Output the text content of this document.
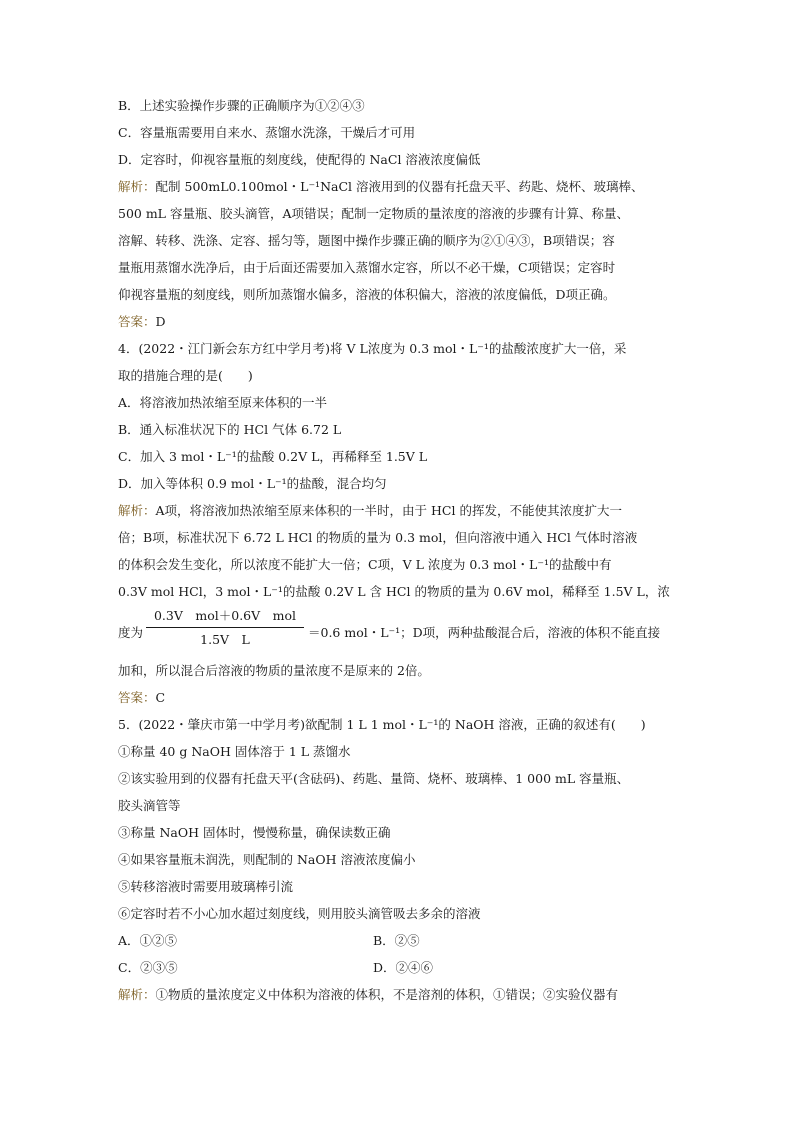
B．上述实验操作步骤的正确顺序为①②④③
C．容量瓶需要用自来水、蒸馏水洗涤，干燥后才可用
D．定容时，仰视容量瓶的刻度线，使配得的 NaCl 溶液浓度偏低
解析：配制 500mL0.100mol・L⁻¹NaCl 溶液用到的仪器有托盘天平、药匙、烧杯、玻璃棒、
500 mL 容量瓶、胶头滴管，A项错误；配制一定物质的量浓度的溶液的步骤有计算、称量、
溶解、转移、洗涤、定容、摇匀等，题图中操作步骤正确的顺序为②①④③，B项错误；容
量瓶用蒸馏水洗净后，由于后面还需要加入蒸馏水定容，所以不必干燥，C项错误；定容时
仰视容量瓶的刻度线，则所加蒸馏水偏多，溶液的体积偏大，溶液的浓度偏低，D项正确。
答案：D
4．(2022・江门新会东方红中学月考)将 V L浓度为 0.3 mol・L⁻¹的盐酸浓度扩大一倍，采
取的措施合理的是(　　)
A．将溶液加热浓缩至原来体积的一半
B．通入标准状况下的 HCl 气体 6.72 L
C．加入 3 mol・L⁻¹的盐酸 0.2V L，再稀释至 1.5V L
D．加入等体积 0.9 mol・L⁻¹的盐酸，混合均匀
解析：A项，将溶液加热浓缩至原来体积的一半时，由于 HCl 的挥发，不能使其浓度扩大一
倍；B项，标准状况下 6.72 L HCl 的物质的量为 0.3 mol，但向溶液中通入 HCl 气体时溶液
的体积会发生变化，所以浓度不能扩大一倍；C项，V L 浓度为 0.3 mol・L⁻¹的盐酸中有
0.3V mol HCl，3 mol・L⁻¹的盐酸 0.2V L 含 HCl 的物质的量为 0.6V mol，稀释至 1.5V L，浓
度为
0.3V　mol＋0.6V　mol
1.5V　L	＝0.6 mol・L⁻¹；D项，两种盐酸混合后，溶液的体积不能直接
加和，所以混合后溶液的物质的量浓度不是原来的 2倍。
答案：C
5．(2022・肇庆市第一中学月考)欲配制 1 L 1 mol・L⁻¹的 NaOH 溶液，正确的叙述有(　　)
①称量 40 g NaOH 固体溶于 1 L 蒸馏水
②该实验用到的仪器有托盘天平(含砝码)、药匙、量筒、烧杯、玻璃棒、1 000 mL 容量瓶、
胶头滴管等
③称量 NaOH 固体时，慢慢称量，确保读数正确
④如果容量瓶未润洗，则配制的 NaOH 溶液浓度偏小
⑤转移溶液时需要用玻璃棒引流
⑥定容时若不小心加水超过刻度线，则用胶头滴管吸去多余的溶液
A．①②⑤	B．②⑤
C．②③⑤	D．②④⑥
解析：①物质的量浓度定义中体积为溶液的体积，不是溶剂的体积，①错误；②实验仪器有
